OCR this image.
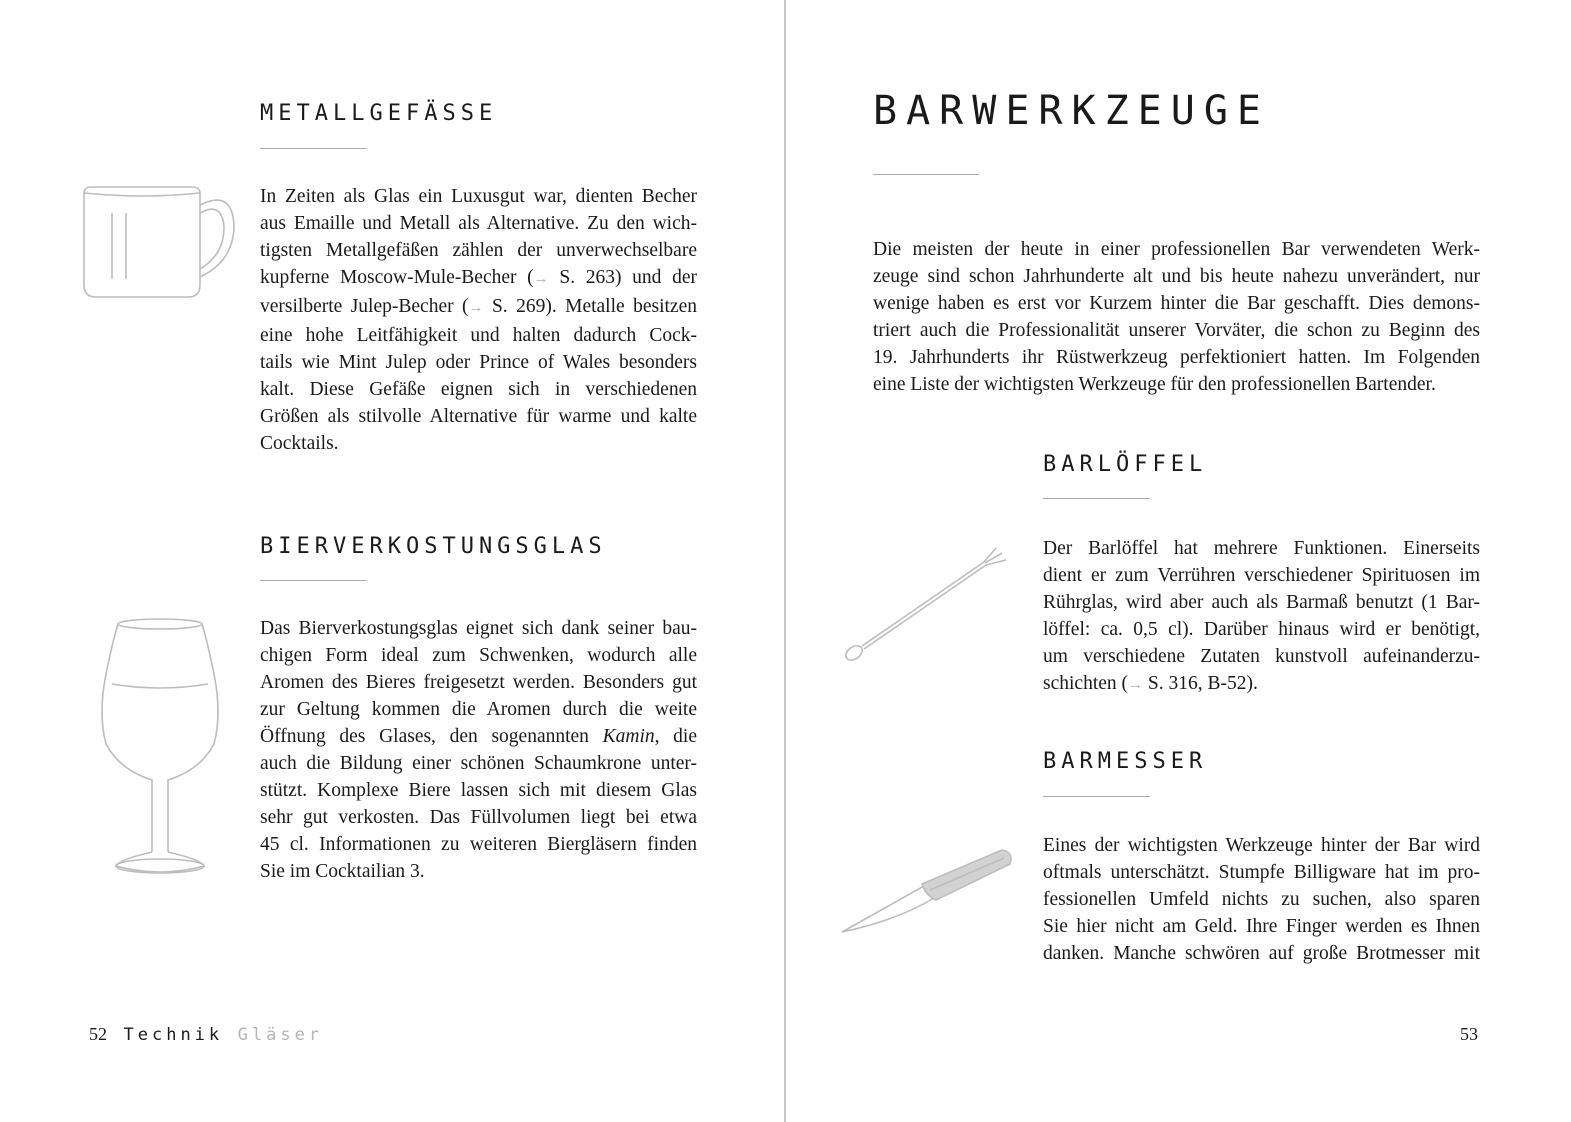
METALLGEFÄSSE

In Zeiten als Glas ein Luxusgut war, dienten Becher
aus Emaille und Metall als Alternative. Zu den wich-
tigsten Metallgefäßen zählen der unverwechselbare
kupferne Moscow-Mule-Becher (→ S. 263) und der
versilberte Julep-Becher (→ S. 269). Metalle besitzen
eine hohe Leitfähigkeit und halten dadurch Cock-
tails wie Mint Julep oder Prince of Wales besonders
kalt. Diese Gefäße eignen sich in verschiedenen
Größen als stilvolle Alternative für warme und kalte
Cocktails.

BIERVERKOSTUNGSGLAS

Das Bierverkostungsglas eignet sich dank seiner bau-
chigen Form ideal zum Schwenken, wodurch alle
Aromen des Bieres freigesetzt werden. Besonders gut
zur Geltung kommen die Aromen durch die weite
Öffnung des Glases, den sogenannten Kamin, die
auch die Bildung einer schönen Schaumkrone unter-
stützt. Komplexe Biere lassen sich mit diesem Glas
sehr gut verkosten. Das Füllvolumen liegt bei etwa
45 cl. Informationen zu weiteren Biergläsern finden
Sie im Cocktailian 3.

52 Technik Gläser
BARWERKZEUGE

Die meisten der heute in einer professionellen Bar verwendeten Werk-
zeuge sind schon Jahrhunderte alt und bis heute nahezu unverändert, nur
wenige haben es erst vor Kurzem hinter die Bar geschafft. Dies demons-
triert auch die Professionalität unserer Vorväter, die schon zu Beginn des
19. Jahrhunderts ihr Rüstwerkzeug perfektioniert hatten. Im Folgenden
eine Liste der wichtigsten Werkzeuge für den professionellen Bartender.

BARLÖFFEL

Der Barlöffel hat mehrere Funktionen. Einerseits
dient er zum Verrühren verschiedener Spirituosen im
Rührglas, wird aber auch als Barmaß benutzt (1 Bar-
löffel: ca. 0,5 cl). Darüber hinaus wird er benötigt,
um verschiedene Zutaten kunstvoll aufeinanderzu-
schichten (→ S. 316, B-52).

BARMESSER

Eines der wichtigsten Werkzeuge hinter der Bar wird
oftmals unterschätzt. Stumpfe Billigware hat im pro-
fessionellen Umfeld nichts zu suchen, also sparen
Sie hier nicht am Geld. Ihre Finger werden es Ihnen
danken. Manche schwören auf große Brotmesser mit

53
